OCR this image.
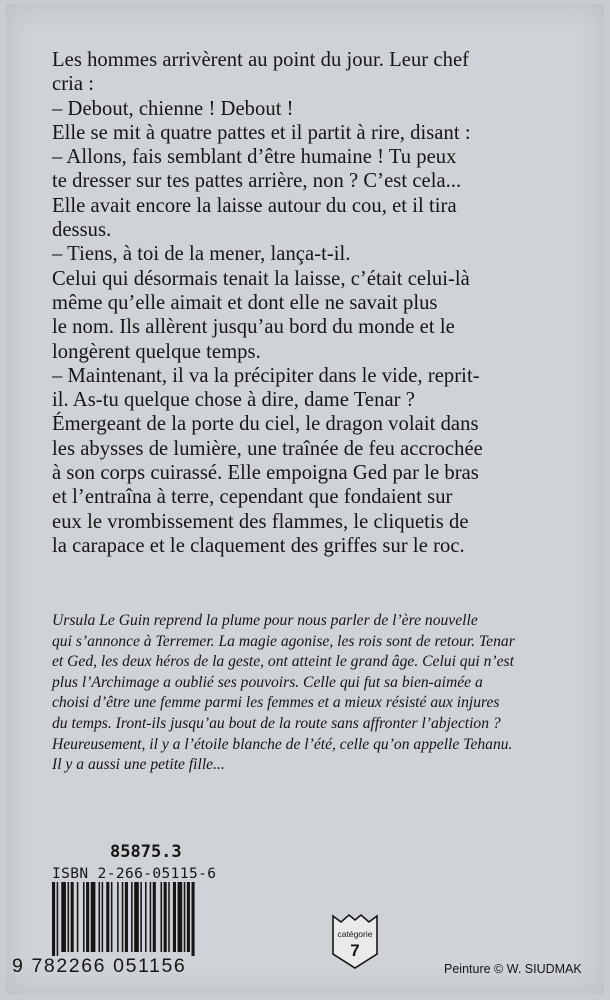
Les hommes arrivèrent au point du jour. Leur chef
cria :
– Debout, chienne ! Debout !
Elle se mit à quatre pattes et il partit à rire, disant :
– Allons, fais semblant d’être humaine ! Tu peux
te dresser sur tes pattes arrière, non ? C’est cela...
Elle avait encore la laisse autour du cou, et il tira
dessus.
– Tiens, à toi de la mener, lança-t-il.
Celui qui désormais tenait la laisse, c’était celui-là
même qu’elle aimait et dont elle ne savait plus
le nom. Ils allèrent jusqu’au bord du monde et le
longèrent quelque temps.
– Maintenant, il va la précipiter dans le vide, reprit-
il. As-tu quelque chose à dire, dame Tenar ?
Émergeant de la porte du ciel, le dragon volait dans
les abysses de lumière, une traînée de feu accrochée
à son corps cuirassé. Elle empoigna Ged par le bras
et l’entraîna à terre, cependant que fondaient sur
eux le vrombissement des flammes, le cliquetis de
la carapace et le claquement des griffes sur le roc.
Ursula Le Guin reprend la plume pour nous parler de l’ère nouvelle
qui s’annonce à Terremer. La magie agonise, les rois sont de retour. Tenar
et Ged, les deux héros de la geste, ont atteint le grand âge. Celui qui n’est
plus l’Archimage a oublié ses pouvoirs. Celle qui fut sa bien-aimée a
choisi d’être une femme parmi les femmes et a mieux résisté aux injures
du temps. Iront-ils jusqu’au bout de la route sans affronter l’abjection ?
Heureusement, il y a l’étoile blanche de l’été, celle qu’on appelle Tehanu.
Il y a aussi une petite fille...
85875.3
ISBN 2-266-05115-6
9 782266 051156
catégorie
7
Peinture © W. SIUDMAK
